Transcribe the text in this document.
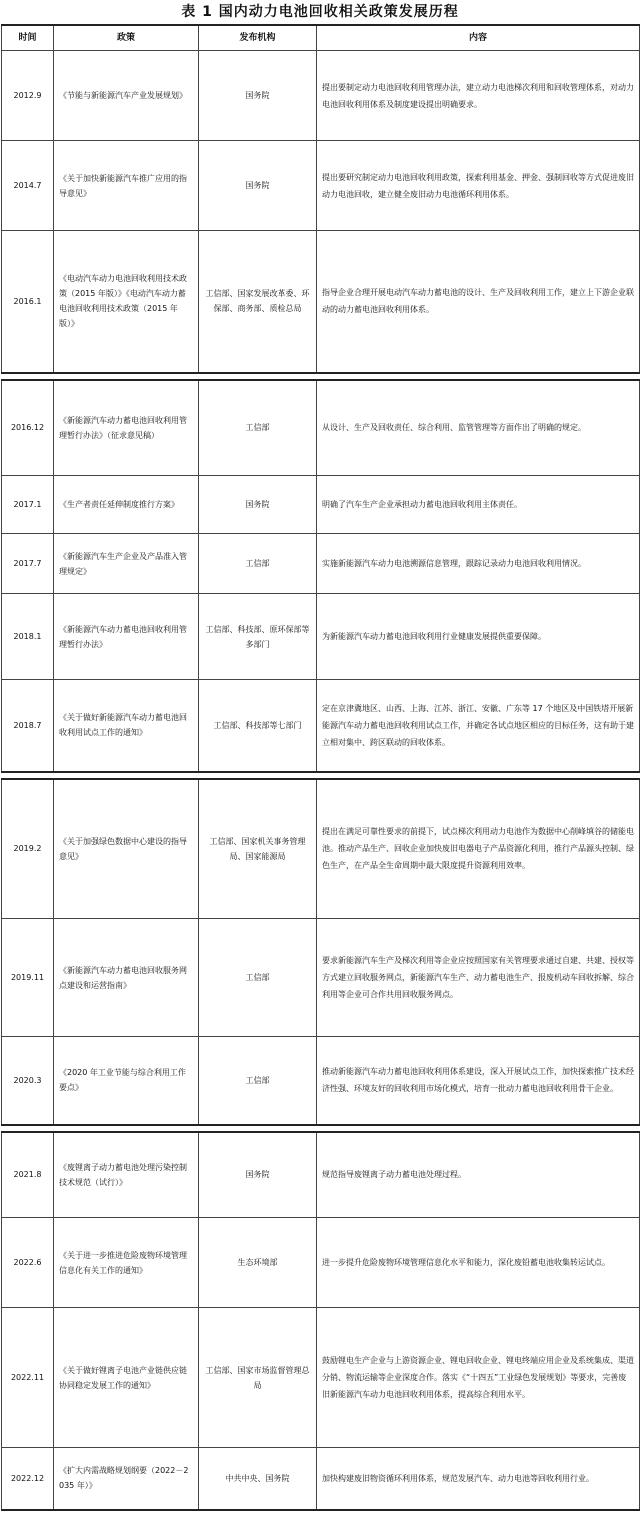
表 1 国内动力电池回收相关政策发展历程
时间	政策	发布机构	内容
2012.9	《节能与新能源汽车产业发展规划》	国务院	提出要制定动力电池回收利用管理办法，建立动力电池梯次利用和回收管理体系，对动力电池回收利用体系及制度建设提出明确要求。
2014.7	《关于加快新能源汽车推广应用的指导意见》	国务院	提出要研究制定动力电池回收利用政策，探索利用基金、押金、强制回收等方式促进废旧动力电池回收，建立健全废旧动力电池循环利用体系。
2016.1	《电动汽车动力电池回收利用技术政策（2015 年版）》《电动汽车动力蓄电池回收利用技术政策（2015 年版）》	工信部、国家发展改革委、环保部、商务部、质检总局	指导企业合理开展电动汽车动力蓄电池的设计、生产及回收利用工作，建立上下游企业联动的动力蓄电池回收利用体系。
2016.12	《新能源汽车动力蓄电池回收利用管理暂行办法》（征求意见稿）	工信部	从设计、生产及回收责任、综合利用、监管管理等方面作出了明确的规定。
2017.1	《生产者责任延伸制度推行方案》	国务院	明确了汽车生产企业承担动力蓄电池回收利用主体责任。
2017.7	《新能源汽车生产企业及产品准入管理规定》	工信部	实施新能源汽车动力电池溯源信息管理，跟踪记录动力电池回收利用情况。
2018.1	《新能源汽车动力蓄电池回收利用管理暂行办法》	工信部、科技部、原环保部等多部门	为新能源汽车动力蓄电池回收利用行业健康发展提供重要保障。
2018.7	《关于做好新能源汽车动力蓄电池回收利用试点工作的通知》	工信部、科技部等七部门	定在京津冀地区、山西、上海、江苏、浙江、安徽、广东等 17 个地区及中国铁塔开展新能源汽车动力蓄电池回收利用试点工作，并确定各试点地区相应的目标任务，这有助于建立相对集中、跨区联动的回收体系。
2019.2	《关于加强绿色数据中心建设的指导意见》	工信部、国家机关事务管理局、国家能源局	提出在满足可靠性要求的前提下，试点梯次利用动力电池作为数据中心削峰填谷的储能电池。推动产品生产、回收企业加快废旧电器电子产品资源化利用，推行产品源头控制、绿色生产，在产品全生命周期中最大限度提升资源利用效率。
2019.11	《新能源汽车动力蓄电池回收服务网点建设和运营指南》	工信部	要求新能源汽车生产及梯次利用等企业应按照国家有关管理要求通过自建、共建、授权等方式建立回收服务网点，新能源汽车生产、动力蓄电池生产、报废机动车回收拆解、综合利用等企业可合作共用回收服务网点。
2020.3	《2020 年工业节能与综合利用工作要点》	工信部	推动新能源汽车动力蓄电池回收利用体系建设，深入开展试点工作，加快探索推广技术经济性强、环境友好的回收利用市场化模式，培育一批动力蓄电池回收利用骨干企业。
2021.8	《废锂离子动力蓄电池处理污染控制技术规范（试行）》	国务院	规范指导废锂离子动力蓄电池处理过程。
2022.6	《关于进一步推进危险废物环境管理信息化有关工作的通知》	生态环境部	进一步提升危险废物环境管理信息化水平和能力，深化废铅蓄电池收集转运试点。
2022.11	《关于做好锂离子电池产业链供应链协同稳定发展工作的通知》	工信部、国家市场监督管理总局	鼓励锂电生产企业与上游资源企业、锂电回收企业、锂电终端应用企业及系统集成、渠道分销、物流运输等企业深度合作。落实《“十四五”工业绿色发展规划》等要求，完善废旧新能源汽车动力电池回收利用体系，提高综合利用水平。
2022.12	《扩大内需战略规划纲要（2022－2035 年）》	中共中央、国务院	加快构建废旧物资循环利用体系，规范发展汽车、动力电池等回收利用行业。
